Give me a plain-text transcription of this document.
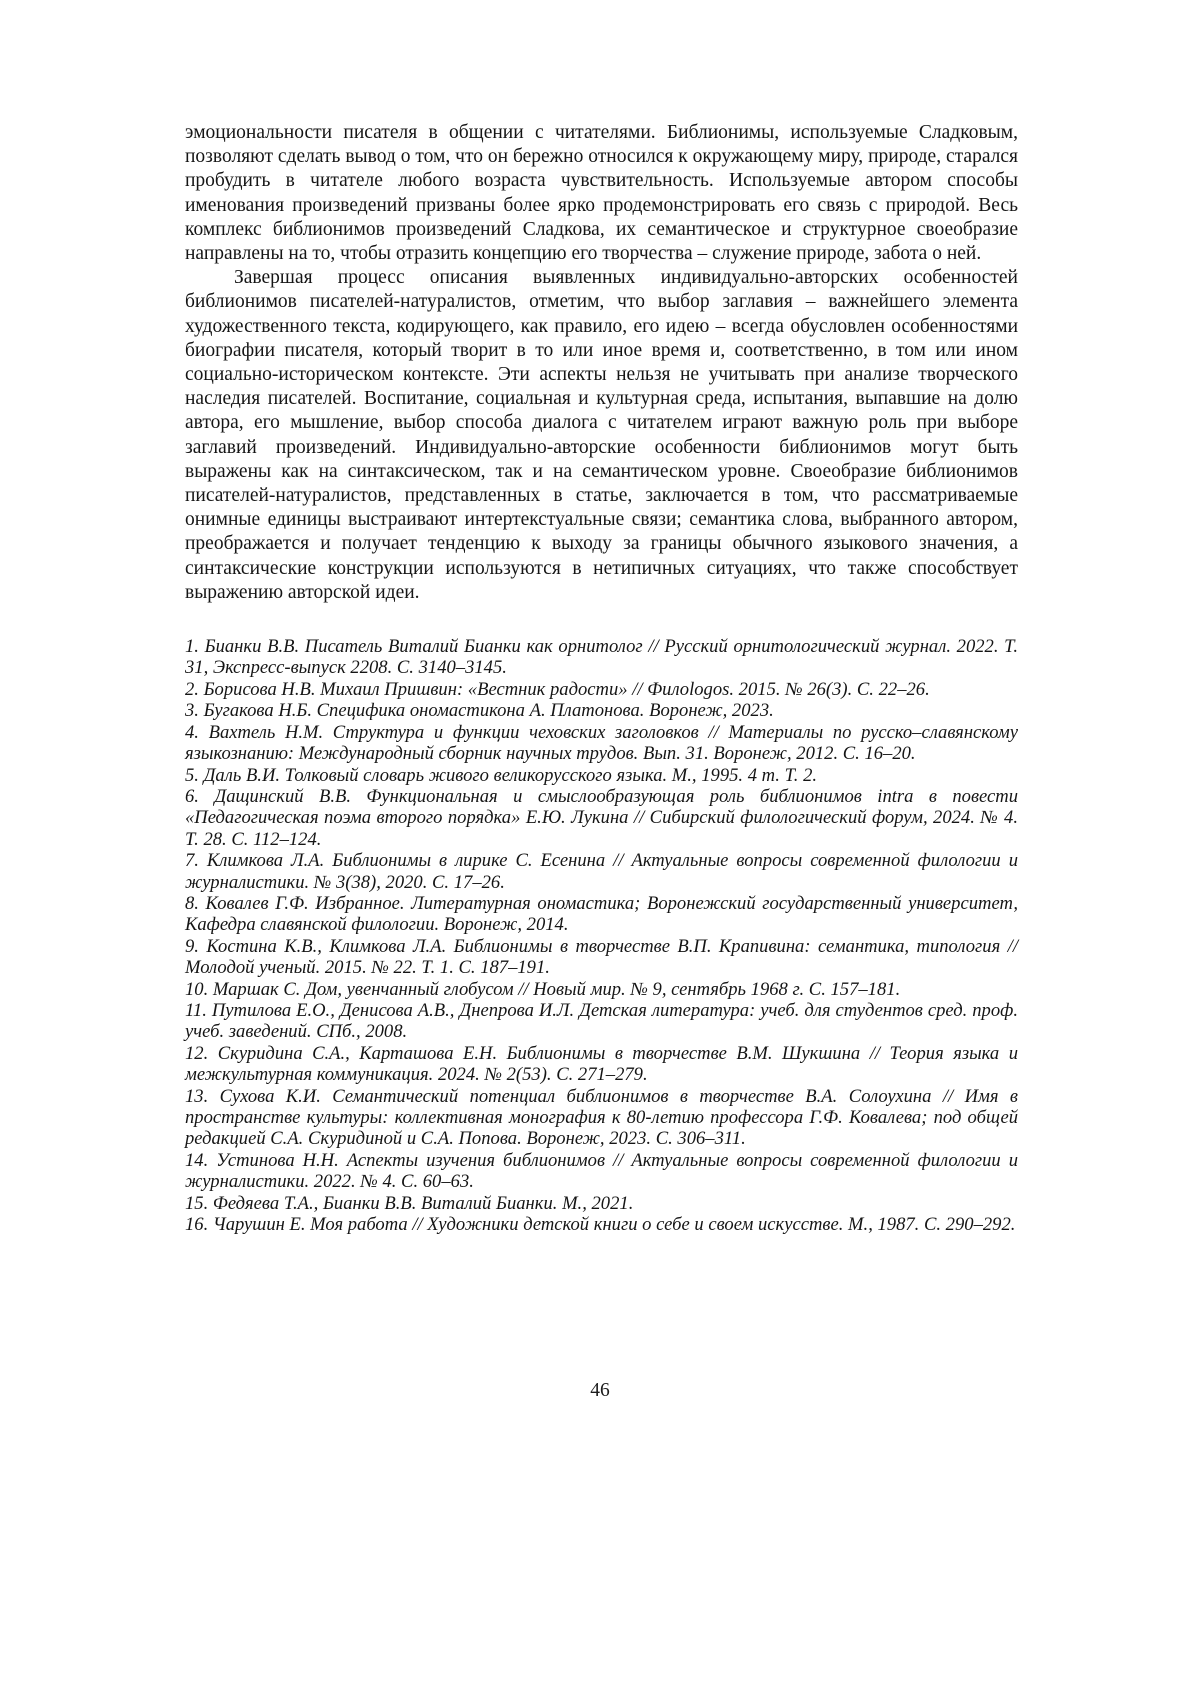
эмоциональности писателя в общении с читателями. Библионимы, используемые Сладковым, позволяют сделать вывод о том, что он бережно относился к окружающему миру, природе, старался пробудить в читателе любого возраста чувствительность. Используемые автором способы именования произведений призваны более ярко продемонстрировать его связь с природой. Весь комплекс библионимов произведений Сладкова, их семантическое и структурное своеобразие направлены на то, чтобы отразить концепцию его творчества – служение природе, забота о ней.

Завершая процесс описания выявленных индивидуально-авторских особенностей библионимов писателей-натуралистов, отметим, что выбор заглавия – важнейшего элемента художественного текста, кодирующего, как правило, его идею – всегда обусловлен особенностями биографии писателя, который творит в то или иное время и, соответственно, в том или ином социально-историческом контексте. Эти аспекты нельзя не учитывать при анализе творческого наследия писателей. Воспитание, социальная и культурная среда, испытания, выпавшие на долю автора, его мышление, выбор способа диалога с читателем играют важную роль при выборе заглавий произведений. Индивидуально-авторские особенности библионимов могут быть выражены как на синтаксическом, так и на семантическом уровне. Своеобразие библионимов писателей-натуралистов, представленных в статье, заключается в том, что рассматриваемые онимные единицы выстраивают интертекстуальные связи; семантика слова, выбранного автором, преображается и получает тенденцию к выходу за границы обычного языкового значения, а синтаксические конструкции используются в нетипичных ситуациях, что также способствует выражению авторской идеи.

1. Бианки В.В. Писатель Виталий Бианки как орнитолог // Русский орнитологический журнал. 2022. Т. 31, Экспресс-выпуск 2208. С. 3140–3145.

2. Борисова Н.В. Михаил Пришвин: «Вестник радости» // Филоlogos. 2015. № 26(3). С. 22–26.

3. Бугакова Н.Б. Специфика ономастикона А. Платонова. Воронеж, 2023.

4. Вахтель Н.М. Структура и функции чеховских заголовков // Материалы по русско–славянскому языкознанию: Международный сборник научных трудов. Вып. 31. Воронеж, 2012. С. 16–20.

5. Даль В.И. Толковый словарь живого великорусского языка. М., 1995. 4 т. Т. 2.

6. Дащинский В.В. Функциональная и смыслообразующая роль библионимов intra в повести «Педагогическая поэма второго порядка» Е.Ю. Лукина // Сибирский филологический форум, 2024. № 4. Т. 28. С. 112–124.

7. Климкова Л.А. Библионимы в лирике С. Есенина // Актуальные вопросы современной филологии и журналистики. № 3(38), 2020. С. 17–26.

8. Ковалев Г.Ф. Избранное. Литературная ономастика; Воронежский государственный университет, Кафедра славянской филологии. Воронеж, 2014.

9. Костина К.В., Климкова Л.А. Библионимы в творчестве В.П. Крапивина: семантика, типология // Молодой ученый. 2015. № 22. Т. 1. С. 187–191.

10. Маршак С. Дом, увенчанный глобусом // Новый мир. № 9, сентябрь 1968 г. С. 157–181.

11. Путилова Е.О., Денисова А.В., Днепрова И.Л. Детская литература: учеб. для студентов сред. проф. учеб. заведений. СПб., 2008.

12. Скуридина С.А., Карташова Е.Н. Библионимы в творчестве В.М. Шукшина // Теория языка и межкультурная коммуникация. 2024. № 2(53). С. 271–279.

13. Сухова К.И. Семантический потенциал библионимов в творчестве В.А. Солоухина // Имя в пространстве культуры: коллективная монография к 80-летию профессора Г.Ф. Ковалева; под общей редакцией С.А. Скуридиной и С.А. Попова. Воронеж, 2023. С. 306–311.

14. Устинова Н.Н. Аспекты изучения библионимов // Актуальные вопросы современной филологии и журналистики. 2022. № 4. С. 60–63.

15. Федяева Т.А., Бианки В.В. Виталий Бианки. М., 2021.

16. Чарушин Е. Моя работа // Художники детской книги о себе и своем искусстве. М., 1987. С. 290–292.

46
